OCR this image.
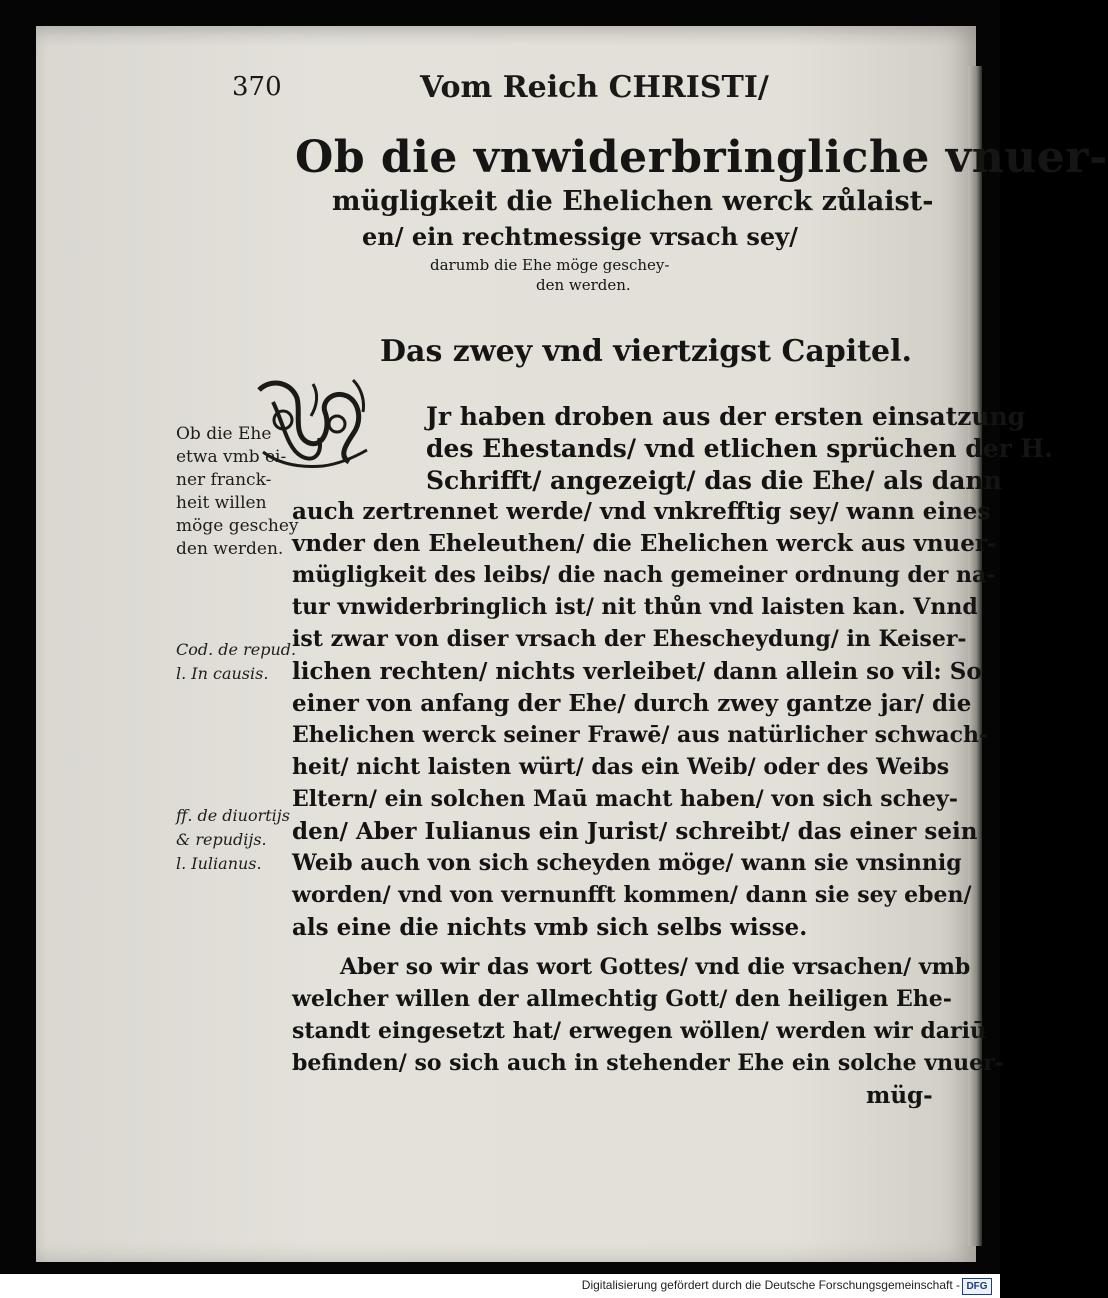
370	Vom Reich CHRISTI/
Ob die vnwiderbringliche vnuer-
mügligkeit die Ehelichen werck zůlaist-
en/ ein rechtmessige vrsach sey/
darumb die Ehe möge geschey-
den werden.
Das zwey vnd viertzigst Capitel.
Jr haben droben aus der ersten einsatzung
des Ehestands/ vnd etlichen sprüchen der H.
Schrifft/ angezeigt/ das die Ehe/ als dann
auch zertrennet werde/ vnd vnkrefftig sey/ wann eines
vnder den Eheleuthen/ die Ehelichen werck aus vnuer-
mügligkeit des leibs/ die nach gemeiner ordnung der na-
tur vnwiderbringlich ist/ nit thůn vnd laisten kan. Vnnd
ist zwar von diser vrsach der Ehescheydung/ in Keiser-
lichen rechten/ nichts verleibet/ dann allein so vil: So
einer von anfang der Ehe/ durch zwey gantze jar/ die
Ehelichen werck seiner Frawē/ aus natürlicher schwach-
heit/ nicht laisten würt/ das ein Weib/ oder des Weibs
Eltern/ ein solchen Maū macht haben/ von sich schey-
den/ Aber Iulianus ein Jurist/ schreibt/ das einer sein
Weib auch von sich scheyden möge/ wann sie vnsinnig
worden/ vnd von vernunfft kommen/ dann sie sey eben/
als eine die nichts vmb sich selbs wisse.
Aber so wir das wort Gottes/ vnd die vrsachen/ vmb
welcher willen der allmechtig Gott/ den heiligen Ehe-
standt eingesetzt hat/ erwegen wöllen/ werden wir dariū
befinden/ so sich auch in stehender Ehe ein solche vnuer-
müg-
Ob die Ehe
etwa vmb ei-
ner franck-
heit willen
möge geschey
den werden.
Cod. de repud.
l. In causis.
ff. de diuortijs
& repudijs.
l. Iulianus.
Digitalisierung gefördert durch die Deutsche Forschungsgemeinschaft - DFG
